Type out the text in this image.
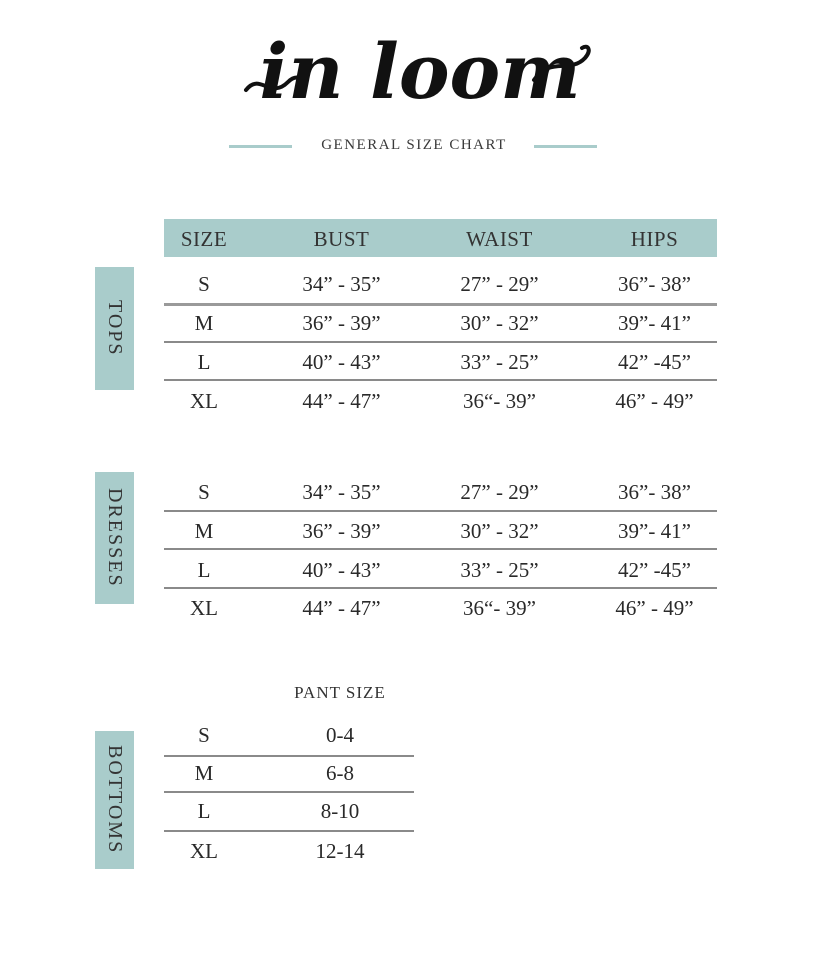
in loom
GENERAL SIZE CHART
SIZE	BUST	WAIST	HIPS
TOPS
S	34” - 35”	27” - 29”	36”- 38”
M	36” - 39”	30” - 32”	39”- 41”
L	40” - 43”	33” - 25”	42” -45”
XL	44” - 47”	36“- 39”	46” - 49”
DRESSES	S	34” - 35”	27” - 29”	36”- 38”
M	36” - 39”	30” - 32”	39”- 41”
L	40” - 43”	33” - 25”	42” -45”
XL	44” - 47”	36“- 39”	46” - 49”
PANT SIZE
BOTTOMS
S	0-4
M	6-8
L	8-10
XL	12-14
